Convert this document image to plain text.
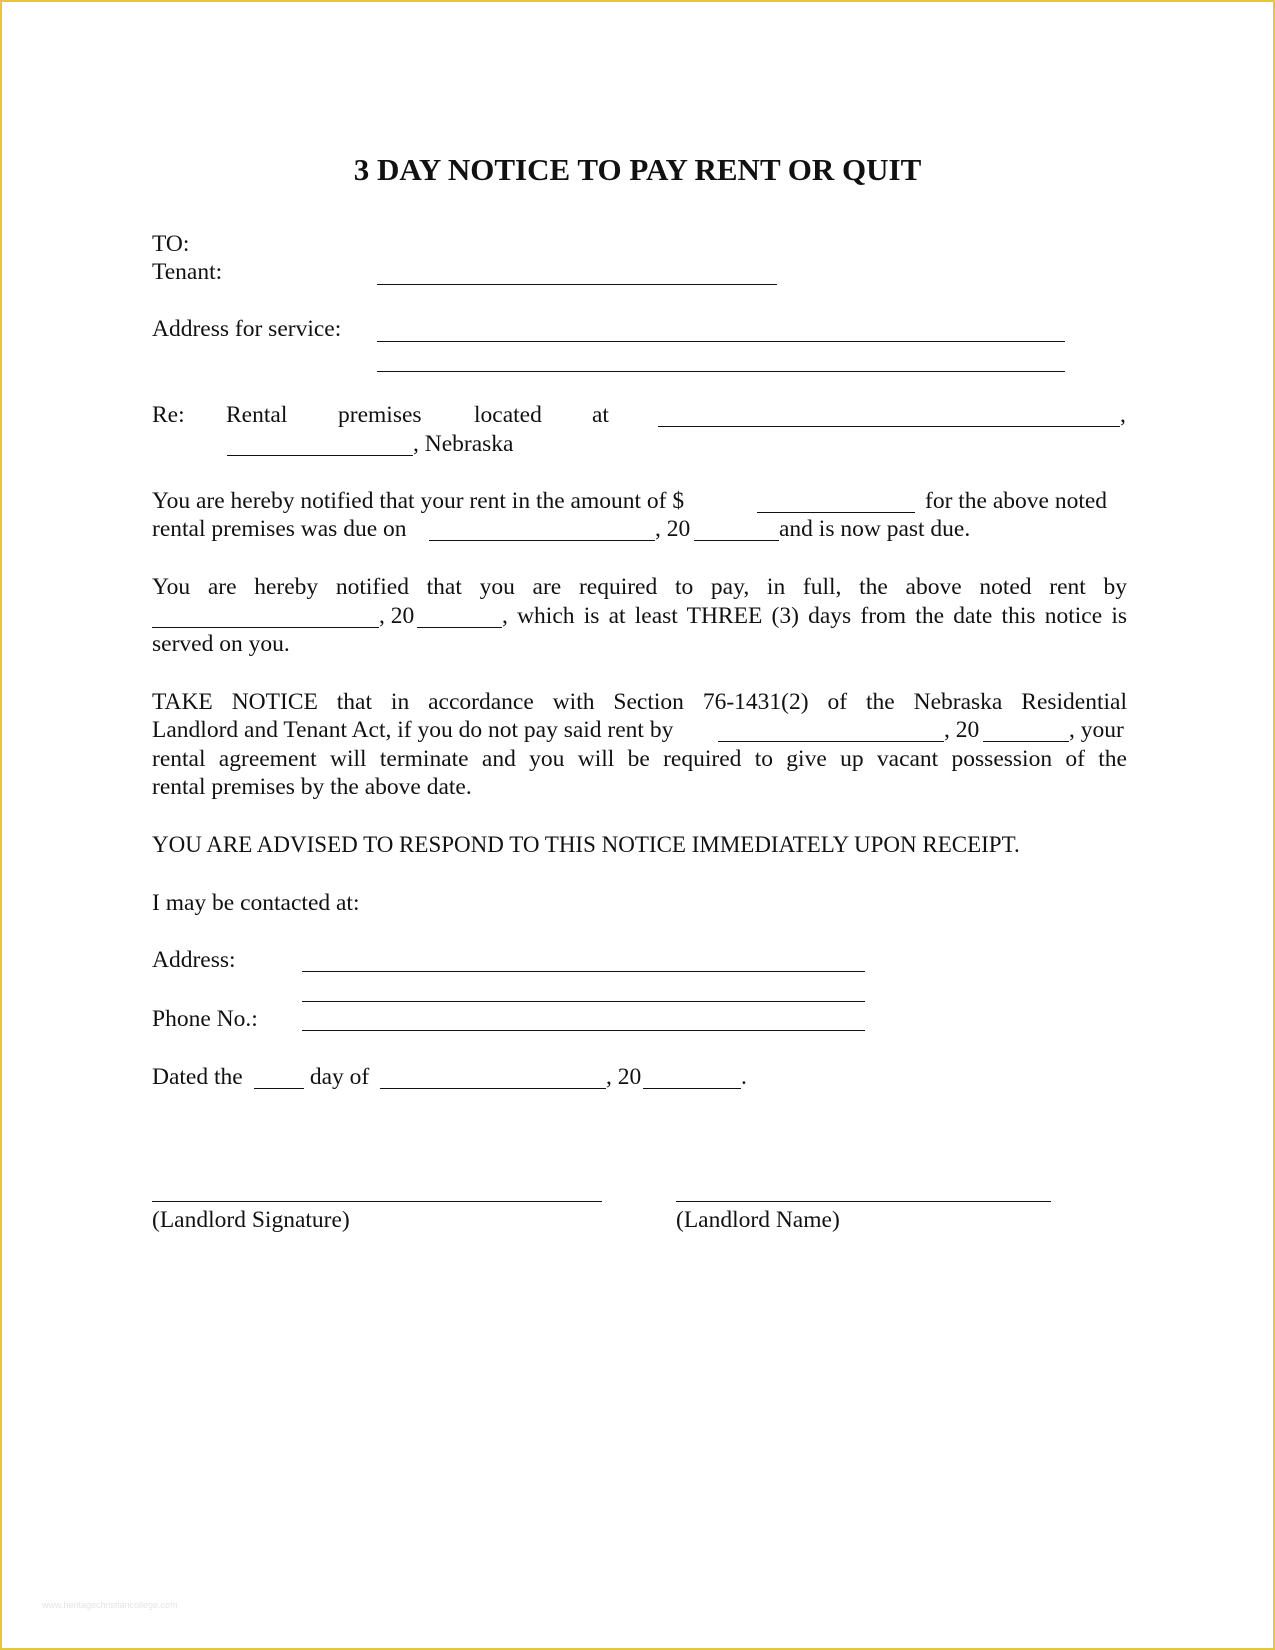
3 DAY NOTICE TO PAY RENT OR QUIT
TO:
Tenant:
Address for service:
Re: Rental premises located at	,
, Nebraska
You are hereby notified that your rent in the amount of $	for the above noted
rental premises was due on	, 20	and is now past due.
You are hereby notified that you are required to pay, in full, the above noted rent by
, 20	, which is at least THREE (3) days from the date this notice is
served on you.
TAKE NOTICE that in accordance with Section 76-1431(2) of the Nebraska Residential
Landlord and Tenant Act, if you do not pay said rent by	, 20	, your
rental agreement will terminate and you will be required to give up vacant possession of the
rental premises by the above date.
YOU ARE ADVISED TO RESPOND TO THIS NOTICE IMMEDIATELY UPON RECEIPT.
I may be contacted at:
Address:
Phone No.:
Dated the	day of	, 20	.
(Landlord Signature)	(Landlord Name)
www.heritagechristiancollege.com
